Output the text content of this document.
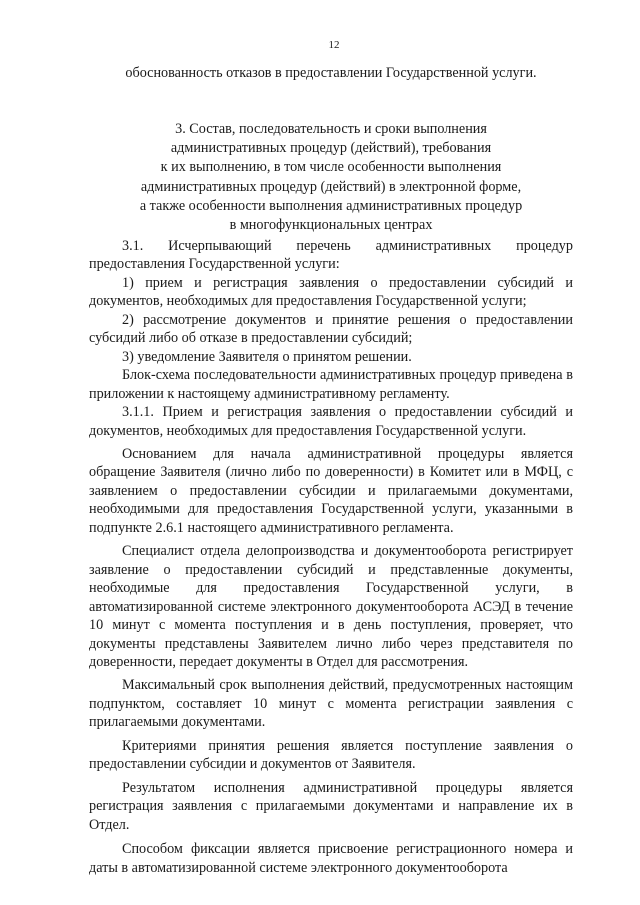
12
обоснованность отказов в предоставлении Государственной услуги.
3. Состав, последовательность и сроки выполнения
административных процедур (действий), требования
к их выполнению, в том числе особенности выполнения
административных процедур (действий) в электронной форме,
а также особенности выполнения административных процедур
в многофункциональных центрах

3.1. Исчерпывающий перечень административных процедур предоставления Государственной услуги:

1) прием и регистрация заявления о предоставлении субсидий и документов, необходимых для предоставления Государственной услуги;

2) рассмотрение документов и принятие решения о предоставлении субсидий либо об отказе в предоставлении субсидий;

3) уведомление Заявителя о принятом решении.

Блок-схема последовательности административных процедур приведена в приложении к настоящему административному регламенту.

3.1.1. Прием и регистрация заявления о предоставлении субсидий и документов, необходимых для предоставления Государственной услуги.

Основанием для начала административной процедуры является обращение Заявителя (лично либо по доверенности) в Комитет или в МФЦ, с заявлением о предоставлении субсидии и прилагаемыми документами, необходимыми для предоставления Государственной услуги, указанными в подпункте 2.6.1 настоящего административного регламента.

Специалист отдела делопроизводства и документооборота регистрирует заявление о предоставлении субсидий и представленные документы, необходимые для предоставления Государственной услуги, в автоматизированной системе электронного документооборота АСЭД в течение 10 минут с момента поступления и в день поступления, проверяет, что документы представлены Заявителем лично либо через представителя по доверенности, передает документы в Отдел для рассмотрения.

Максимальный срок выполнения действий, предусмотренных настоящим подпунктом, составляет 10 минут с момента регистрации заявления с прилагаемыми документами.

Критериями принятия решения является поступление заявления о предоставлении субсидии и документов от Заявителя.

Результатом исполнения административной процедуры является регистрация заявления с прилагаемыми документами и направление их в Отдел.

Способом фиксации является присвоение регистрационного номера и даты в автоматизированной системе электронного документооборота
